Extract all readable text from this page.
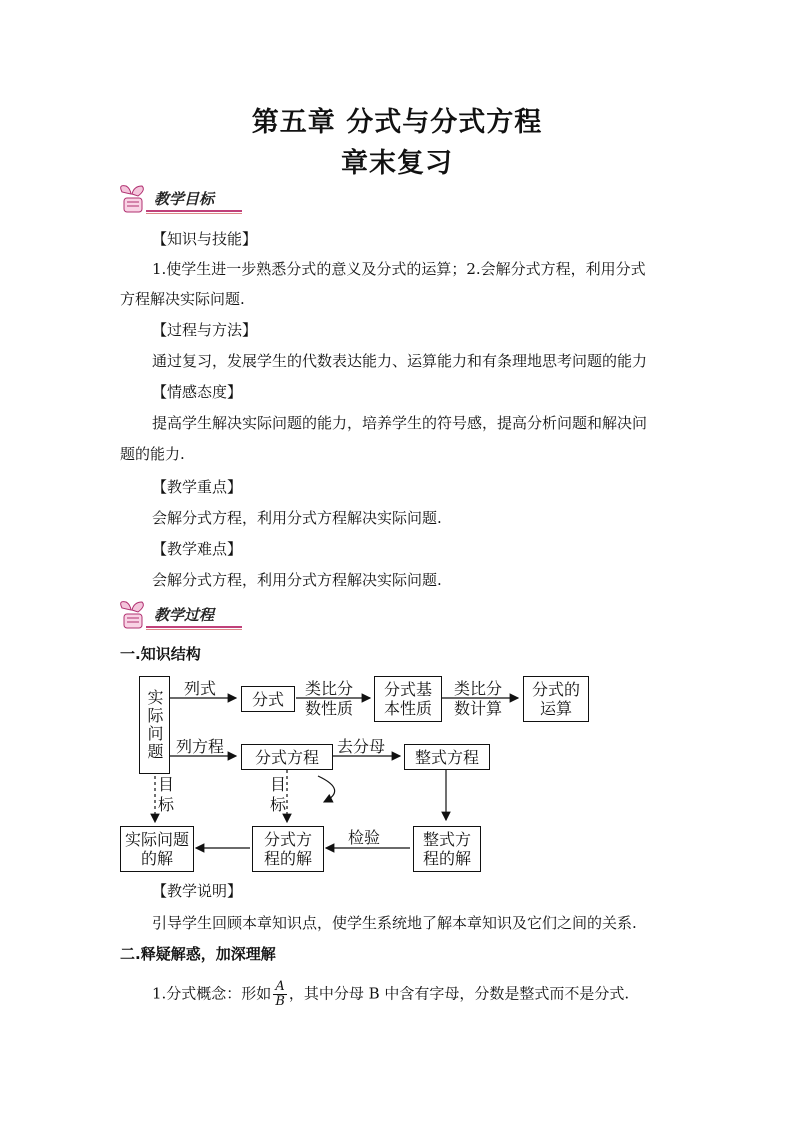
第五章 分式与分式方程
章末复习
教学目标
【知识与技能】
1.使学生进一步熟悉分式的意义及分式的运算；2.会解分式方程，利用分式
方程解决实际问题.
【过程与方法】
通过复习，发展学生的代数表达能力、运算能力和有条理地思考问题的能力
【情感态度】
提高学生解决实际问题的能力，培养学生的符号感，提高分析问题和解决问
题的能力.
【教学重点】
会解分式方程，利用分式方程解决实际问题.
【教学难点】
会解分式方程，利用分式方程解决实际问题.
教学过程
一.知识结构
实际问题	分式	分式基本性质
分式的运算
分式方程	整式方程
实际问题的解
分式方程的解
整式方程的解
列式	类比分
数性质
类比分
数计算
列方程	去分母
检验
目
标
目
标
【教学说明】
引导学生回顾本章知识点，使学生系统地了解本章知识及它们之间的关系.
二.释疑解惑，加深理解
1.分式概念：形如 $\frac{A}{B}$ ，其中分母 B 中含有字母，分数是整式而不是分式.
